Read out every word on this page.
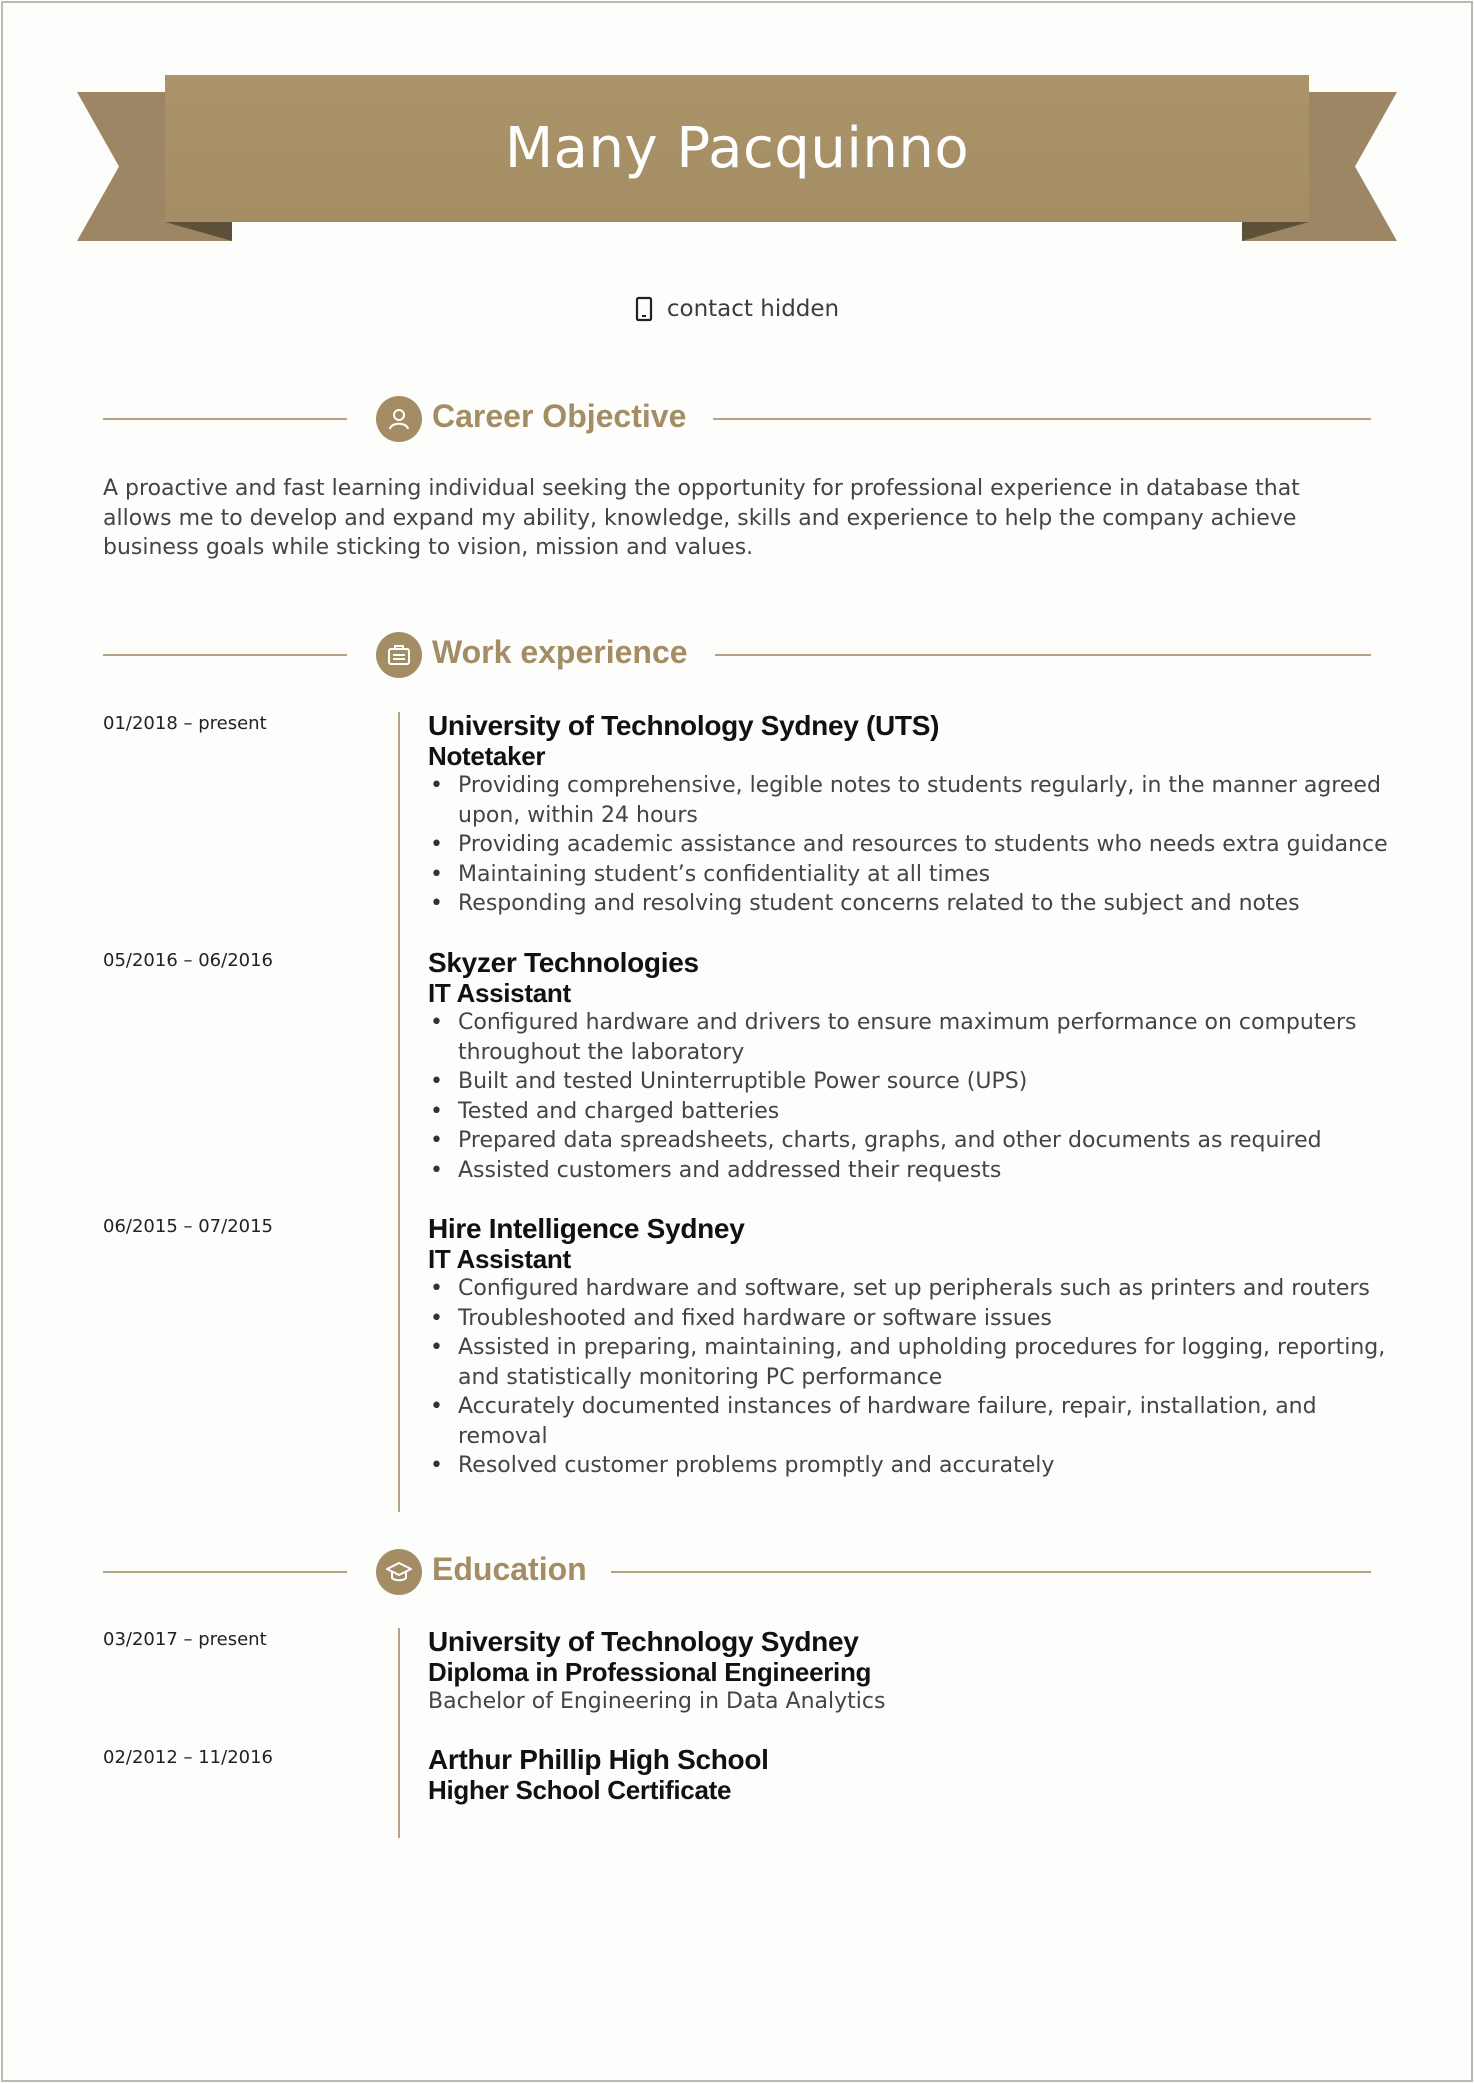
Many Pacquinno
contact hidden
Career Objective
A proactive and fast learning individual seeking the opportunity for professional experience in database that allows me to develop and expand my ability, knowledge, skills and experience to help the company achieve business goals while sticking to vision, mission and values.
Work experience
01/2018 – present	University of Technology Sydney (UTS)
Notetaker
• Providing comprehensive, legible notes to students regularly, in the manner agreed upon, within 24 hours
• Providing academic assistance and resources to students who needs extra guidance
• Maintaining student’s confidentiality at all times
• Responding and resolving student concerns related to the subject and notes
05/2016 – 06/2016	Skyzer Technologies
IT Assistant
• Configured hardware and drivers to ensure maximum performance on computers throughout the laboratory
• Built and tested Uninterruptible Power source (UPS)
• Tested and charged batteries
• Prepared data spreadsheets, charts, graphs, and other documents as required
• Assisted customers and addressed their requests
06/2015 – 07/2015	Hire Intelligence Sydney
IT Assistant
• Configured hardware and software, set up peripherals such as printers and routers
• Troubleshooted and fixed hardware or software issues
• Assisted in preparing, maintaining, and upholding procedures for logging, reporting, and statistically monitoring PC performance
• Accurately documented instances of hardware failure, repair, installation, and removal
• Resolved customer problems promptly and accurately
Education
03/2017 – present	University of Technology Sydney
Diploma in Professional Engineering
Bachelor of Engineering in Data Analytics
02/2012 – 11/2016	Arthur Phillip High School
Higher School Certificate
